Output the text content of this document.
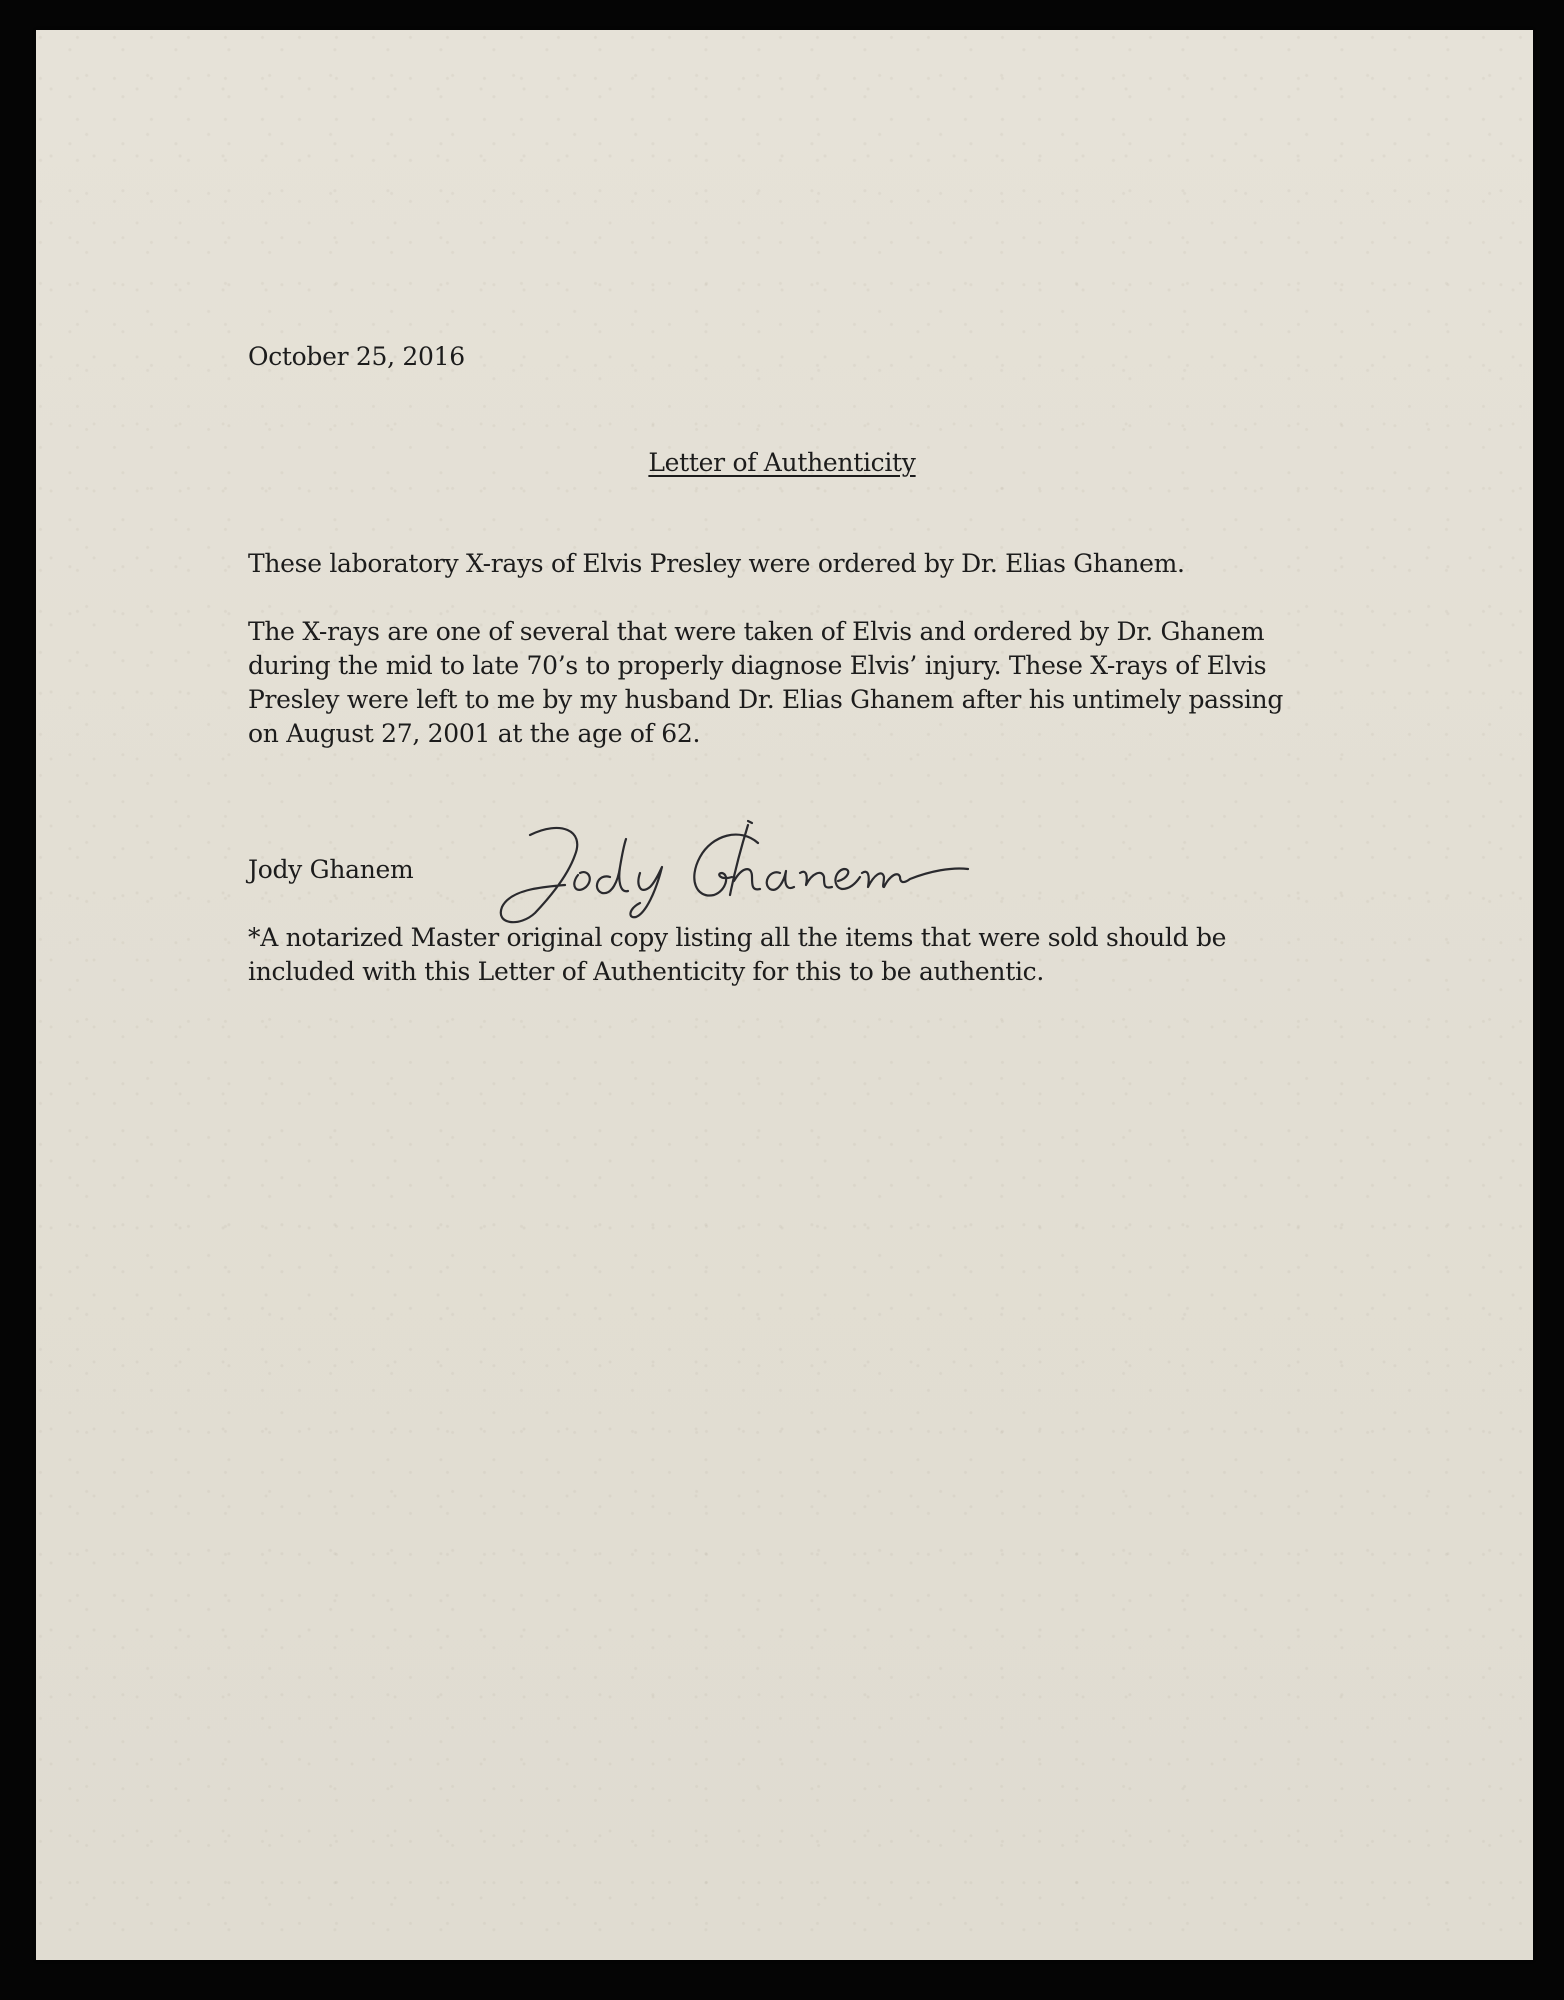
October 25, 2016
Letter of Authenticity
These laboratory X-rays of Elvis Presley were ordered by Dr. Elias Ghanem.
The X-rays are one of several that were taken of Elvis and ordered by Dr. Ghanem during the mid to late 70’s to properly diagnose Elvis’ injury. These X-rays of Elvis Presley were left to me by my husband Dr. Elias Ghanem after his untimely passing on August 27, 2001 at the age of 62.
Jody Ghanem
*A notarized Master original copy listing all the items that were sold should be included with this Letter of Authenticity for this to be authentic.
